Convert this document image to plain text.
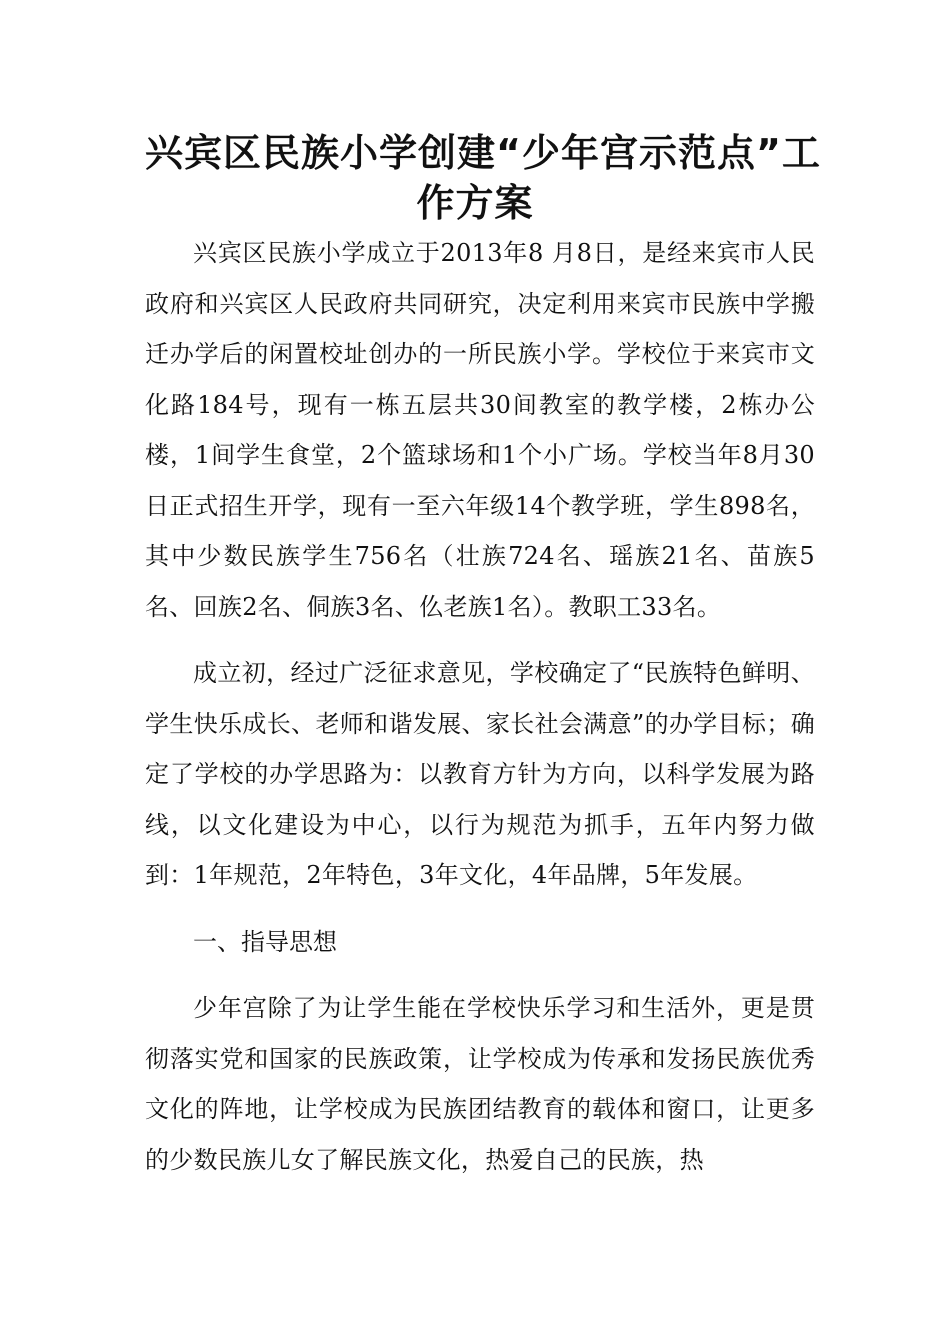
兴宾区民族小学创建“少年宫示范点”工
作方案

兴宾区民族小学成立于2013年8 月8日，是经来宾市人民政府和兴宾区人民政府共同研究，决定利用来宾市民族中学搬迁办学后的闲置校址创办的一所民族小学。学校位于来宾市文化路184号，现有一栋五层共30间教室的教学楼，2栋办公楼，1间学生食堂，2个篮球场和1个小广场。学校当年8月30日正式招生开学，现有一至六年级14个教学班，学生898名，其中少数民族学生756名（壮族724名、瑶族21名、苗族5名、回族2名、侗族3名、仫老族1名）。教职工33名。

成立初，经过广泛征求意见，学校确定了“民族特色鲜明、学生快乐成长、老师和谐发展、家长社会满意”的办学目标；确定了学校的办学思路为：以教育方针为方向，以科学发展为路线，以文化建设为中心，以行为规范为抓手，五年内努力做到：1年规范，2年特色，3年文化，4年品牌，5年发展。

一、指导思想

少年宫除了为让学生能在学校快乐学习和生活外，更是贯彻落实党和国家的民族政策，让学校成为传承和发扬民族优秀文化的阵地，让学校成为民族团结教育的载体和窗口，让更多的少数民族儿女了解民族文化，热爱自己的民族，热
